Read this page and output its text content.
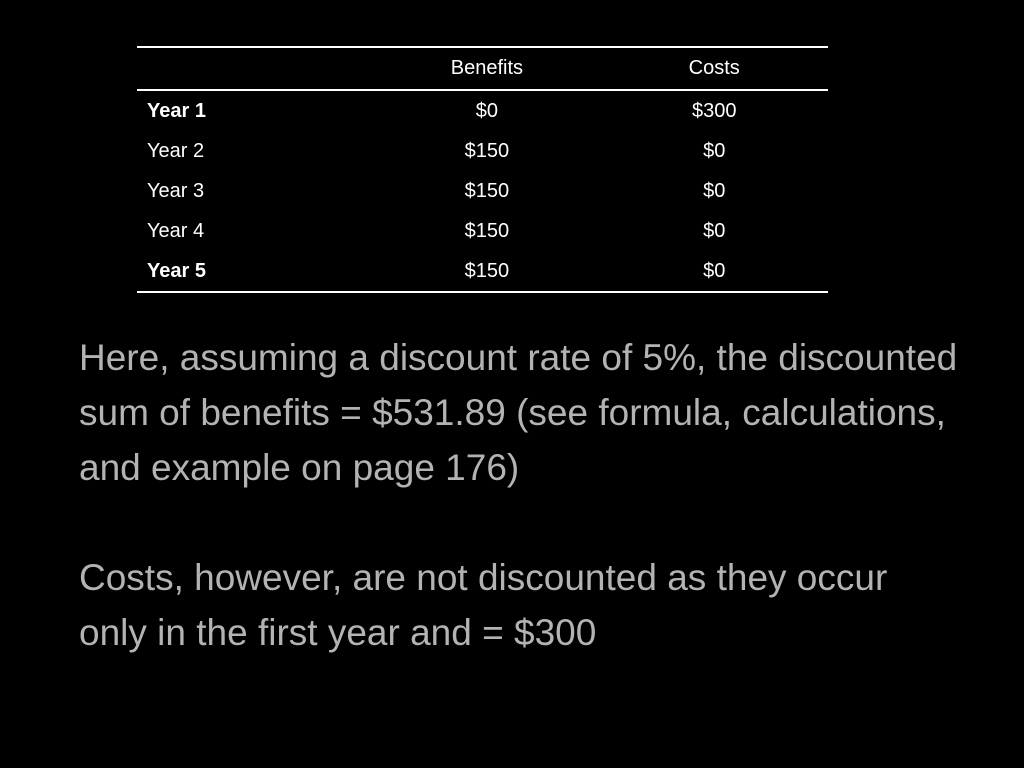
	Benefits	Costs
Year 1	$0	$300
Year 2	$150	$0
Year 3	$150	$0
Year 4	$150	$0
Year 5	$150	$0

Here, assuming a discount rate of 5%, the discounted sum of benefits = $531.89 (see formula, calculations, and example on page 176)

Costs, however, are not discounted as they occur only in the first year and = $300
